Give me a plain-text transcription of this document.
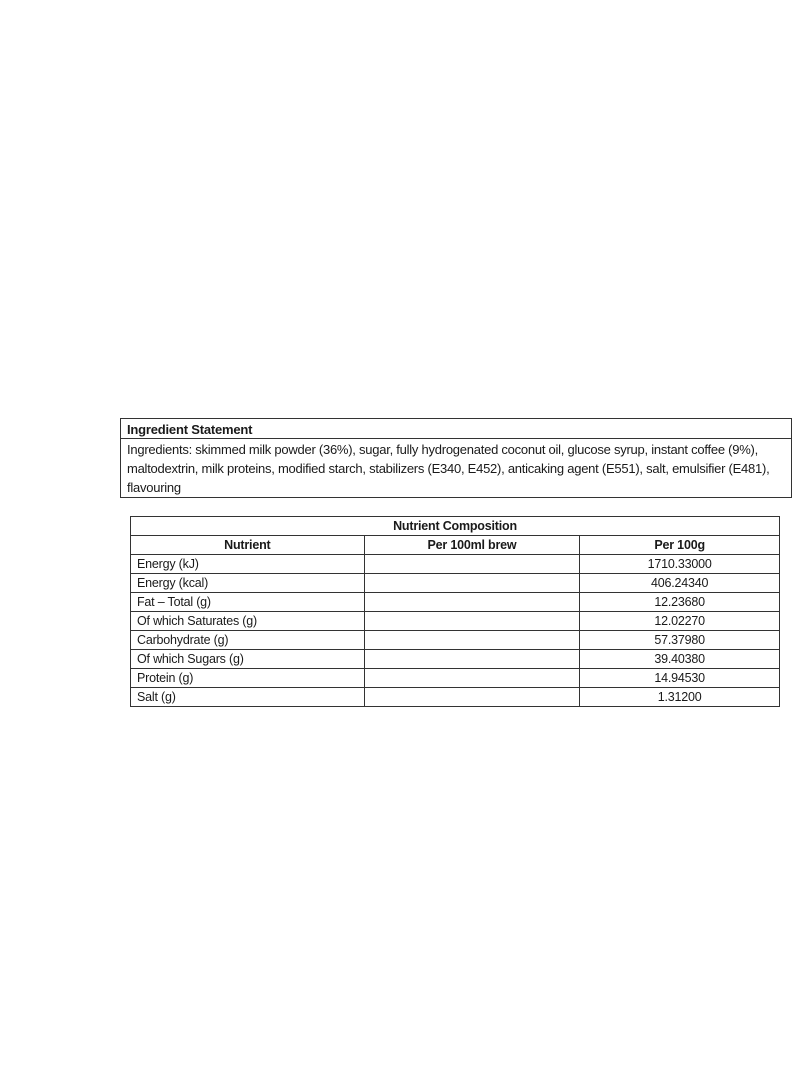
Ingredient Statement
Ingredients: skimmed milk powder (36%), sugar, fully hydrogenated coconut oil, glucose syrup, instant coffee (9%), maltodextrin, milk proteins, modified starch, stabilizers (E340, E452), anticaking agent (E551), salt, emulsifier (E481), flavouring
Nutrient Composition		
Nutrient	Per 100ml brew	Per 100g
Energy (kJ)		1710.33000
Energy (kcal)		406.24340
Fat – Total (g)		12.23680
Of which Saturates (g)		12.02270
Carbohydrate (g)		57.37980
Of which Sugars (g)		39.40380
Protein (g)		14.94530
Salt (g)		1.31200
